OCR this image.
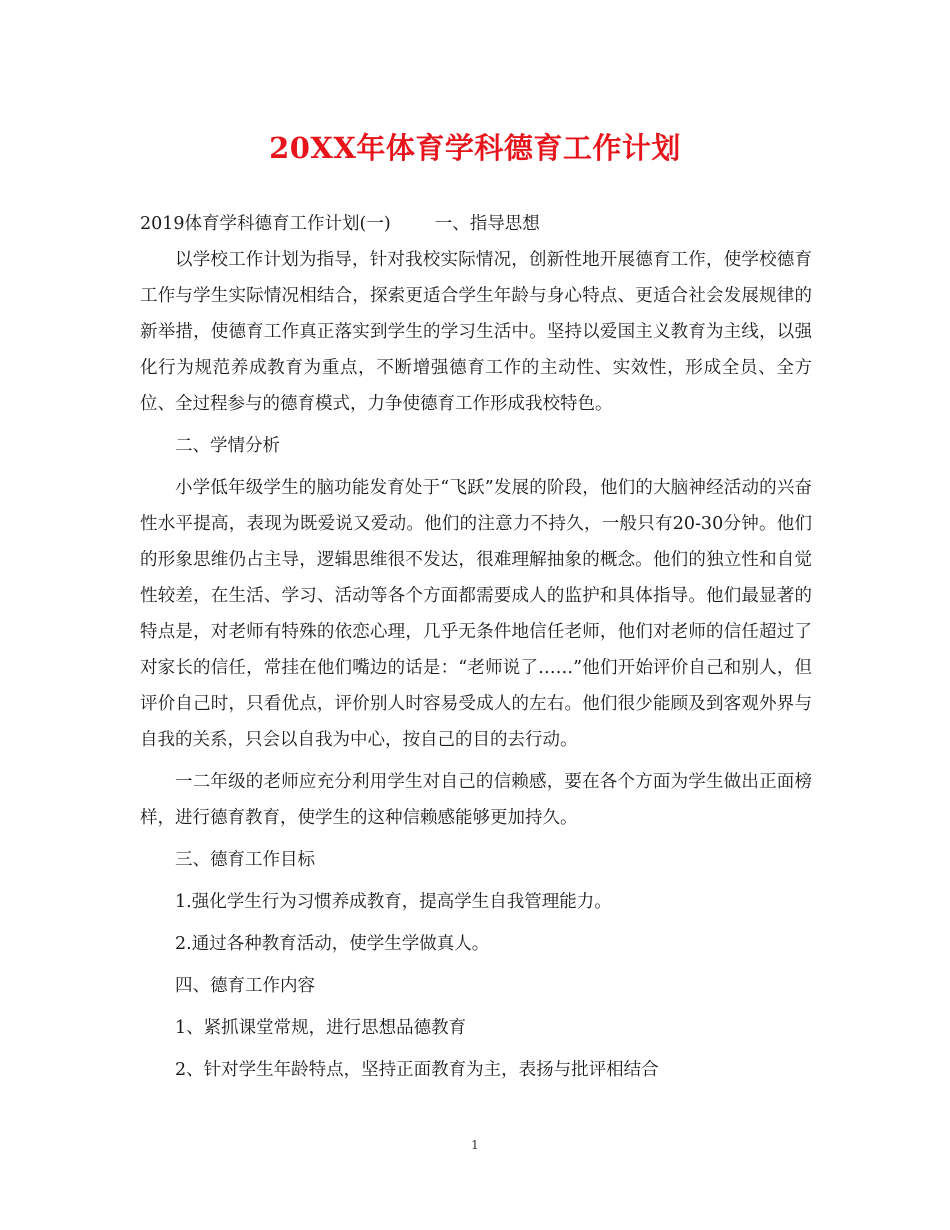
20XX年体育学科德育工作计划

2019体育学科德育工作计划(一)	一、指导思想

以学校工作计划为指导，针对我校实际情况，创新性地开展德育工作，使学校德育工作与学生实际情况相结合，探索更适合学生年龄与身心特点、更适合社会发展规律的新举措，使德育工作真正落实到学生的学习生活中。坚持以爱国主义教育为主线，以强化行为规范养成教育为重点，不断增强德育工作的主动性、实效性，形成全员、全方位、全过程参与的德育模式，力争使德育工作形成我校特色。

二、学情分析

小学低年级学生的脑功能发育处于“飞跃”发展的阶段，他们的大脑神经活动的兴奋性水平提高，表现为既爱说又爱动。他们的注意力不持久，一般只有20-30分钟。他们的形象思维仍占主导，逻辑思维很不发达，很难理解抽象的概念。他们的独立性和自觉性较差，在生活、学习、活动等各个方面都需要成人的监护和具体指导。他们最显著的特点是，对老师有特殊的依恋心理，几乎无条件地信任老师，他们对老师的信任超过了对家长的信任，常挂在他们嘴边的话是：“老师说了……”他们开始评价自己和别人，但评价自己时，只看优点，评价别人时容易受成人的左右。他们很少能顾及到客观外界与自我的关系，只会以自我为中心，按自己的目的去行动。

一二年级的老师应充分利用学生对自己的信赖感，要在各个方面为学生做出正面榜样，进行德育教育，使学生的这种信赖感能够更加持久。

三、德育工作目标

1.强化学生行为习惯养成教育，提高学生自我管理能力。

2.通过各种教育活动，使学生学做真人。

四、德育工作内容

1、紧抓课堂常规，进行思想品德教育

2、针对学生年龄特点，坚持正面教育为主，表扬与批评相结合

1
